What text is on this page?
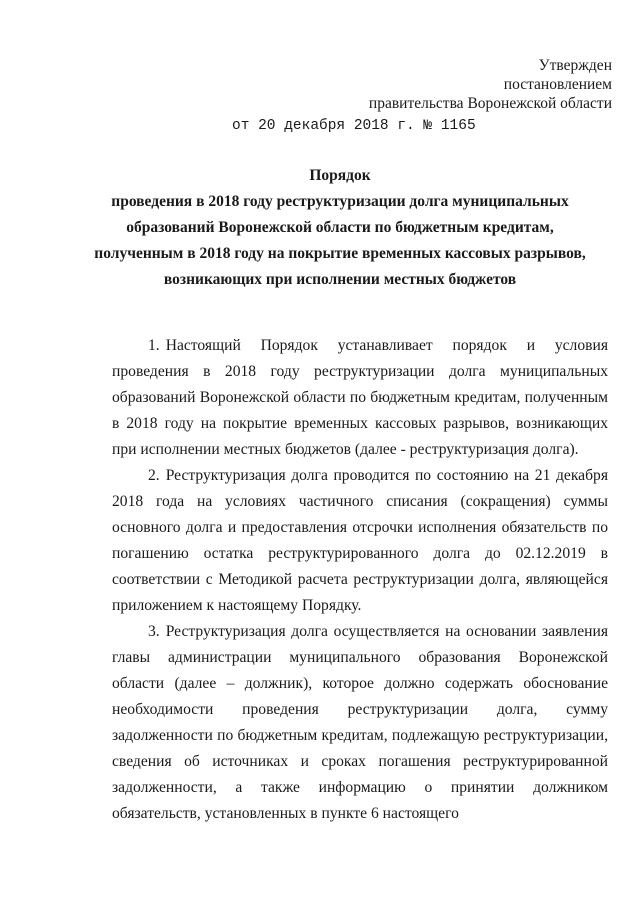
Утвержден
постановлением
правительства Воронежской области
от 20 декабря 2018 г. № 1165
Порядок
проведения в 2018 году реструктуризации долга муниципальных
образований Воронежской области по бюджетным кредитам,
полученным в 2018 году на покрытие временных кассовых разрывов,
возникающих при исполнении местных бюджетов

1. Настоящий Порядок устанавливает порядок и условия проведения в 2018 году реструктуризации долга муниципальных образований Воронежской области по бюджетным кредитам, полученным в 2018 году на покрытие временных кассовых разрывов, возникающих при исполнении местных бюджетов (далее - реструктуризация долга).

2. Реструктуризация долга проводится по состоянию на 21 декабря 2018 года на условиях частичного списания (сокращения) суммы основного долга и предоставления отсрочки исполнения обязательств по погашению остатка реструктурированного долга до 02.12.2019 в соответствии с Методикой расчета реструктуризации долга, являющейся приложением к настоящему Порядку.

3. Реструктуризация долга осуществляется на основании заявления главы администрации муниципального образования Воронежской области (далее – должник), которое должно содержать обоснование необходимости проведения реструктуризации долга, сумму задолженности по бюджетным кредитам, подлежащую реструктуризации, сведения об источниках и сроках погашения реструктурированной задолженности, а также информацию о принятии должником обязательств, установленных в пункте 6 настоящего
